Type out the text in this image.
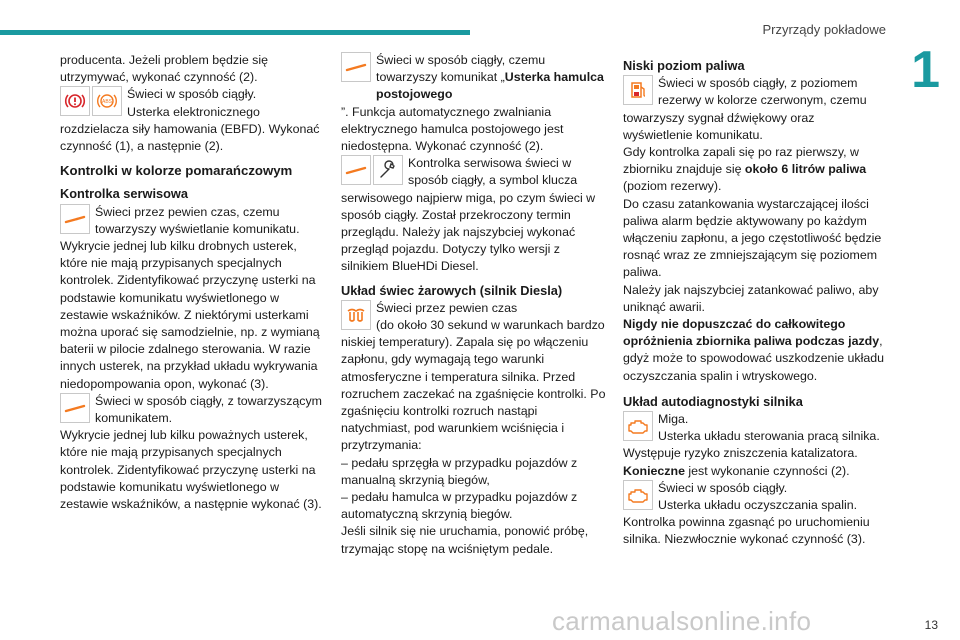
Przyrządy pokładowe
1

producenta. Jeżeli problem będzie się utrzymywać, wykonać czynność (2).

ABS

Świeci w sposób ciągły.

Usterka elektronicznego

rozdzielacza siły hamowania (EBFD). Wykonać czynność (1), a następnie (2).

Kontrolki w kolorze pomarańczowym

Kontrolka serwisowa

Świeci przez pewien czas, czemu

towarzyszy wyświetlanie komunikatu.

Wykrycie jednej lub kilku drobnych usterek, które nie mają przypisanych specjalnych kontrolek. Zidentyfikować przyczynę usterki na podstawie komunikatu wyświetlonego w zestawie wskaźników. Z niektórymi usterkami można uporać się samodzielnie, np. z wymianą baterii w pilocie zdalnego sterowania. W razie innych usterek, na przykład układu wykrywania niedopompowania opon, wykonać (3).

Świeci w sposób ciągły, z towarzyszącym

komunikatem.

Wykrycie jednej lub kilku poważnych usterek, które nie mają przypisanych specjalnych kontrolek. Zidentyfikować przyczynę usterki na podstawie komunikatu wyświetlonego w zestawie wskaźników, a następnie wykonać (3).

Świeci w sposób ciągły, czemu

towarzyszy komunikat „Usterka hamulca postojowego

”. Funkcja automatycznego zwalniania elektrycznego hamulca postojowego jest niedostępna. Wykonać czynność (2).

Kontrolka serwisowa świeci w

sposób ciągły, a symbol klucza

serwisowego najpierw miga, po czym świeci w sposób ciągły. Został przekroczony termin przeglądu. Należy jak najszybciej wykonać przegląd pojazdu. Dotyczy tylko wersji z silnikiem BlueHDi Diesel.

Układ świec żarowych (silnik Diesla)

Świeci przez pewien czas

(do około 30 sekund w warunkach bardzo

niskiej temperatury). Zapala się po włączeniu zapłonu, gdy wymagają tego warunki atmosferyczne i temperatura silnika. Przed rozruchem zaczekać na zgaśnięcie kontrolki. Po zgaśnięciu kontrolki rozruch nastąpi natychmiast, pod warunkiem wciśnięcia i przytrzymania:

– pedału sprzęgła w przypadku pojazdów z manualną skrzynią biegów,

– pedału hamulca w przypadku pojazdów z automatyczną skrzynią biegów.

Jeśli silnik się nie uruchamia, ponowić próbę, trzymając stopę na wciśniętym pedale.

Niski poziom paliwa

Świeci w sposób ciągły, z poziomem

rezerwy w kolorze czerwonym, czemu

towarzyszy sygnał dźwiękowy oraz wyświetlenie komunikatu.

Gdy kontrolka zapali się po raz pierwszy, w zbiorniku znajduje się około 6 litrów paliwa (poziom rezerwy).

Do czasu zatankowania wystarczającej ilości paliwa alarm będzie aktywowany po każdym włączeniu zapłonu, a jego częstotliwość będzie rosnąć wraz ze zmniejszającym się poziomem paliwa.

Należy jak najszybciej zatankować paliwo, aby uniknąć awarii.

Nigdy nie dopuszczać do całkowitego opróżnienia zbiornika paliwa podczas jazdy, gdyż może to spowodować uszkodzenie układu oczyszczania spalin i wtryskowego.

Układ autodiagnostyki silnika

Miga.

Usterka układu sterowania pracą silnika.

Występuje ryzyko zniszczenia katalizatora.

Konieczne jest wykonanie czynności (2).

Świeci w sposób ciągły.

Usterka układu oczyszczania spalin.

Kontrolka powinna zgasnąć po uruchomieniu silnika. Niezwłocznie wykonać czynność (3).

carmanualsonline.info	13
